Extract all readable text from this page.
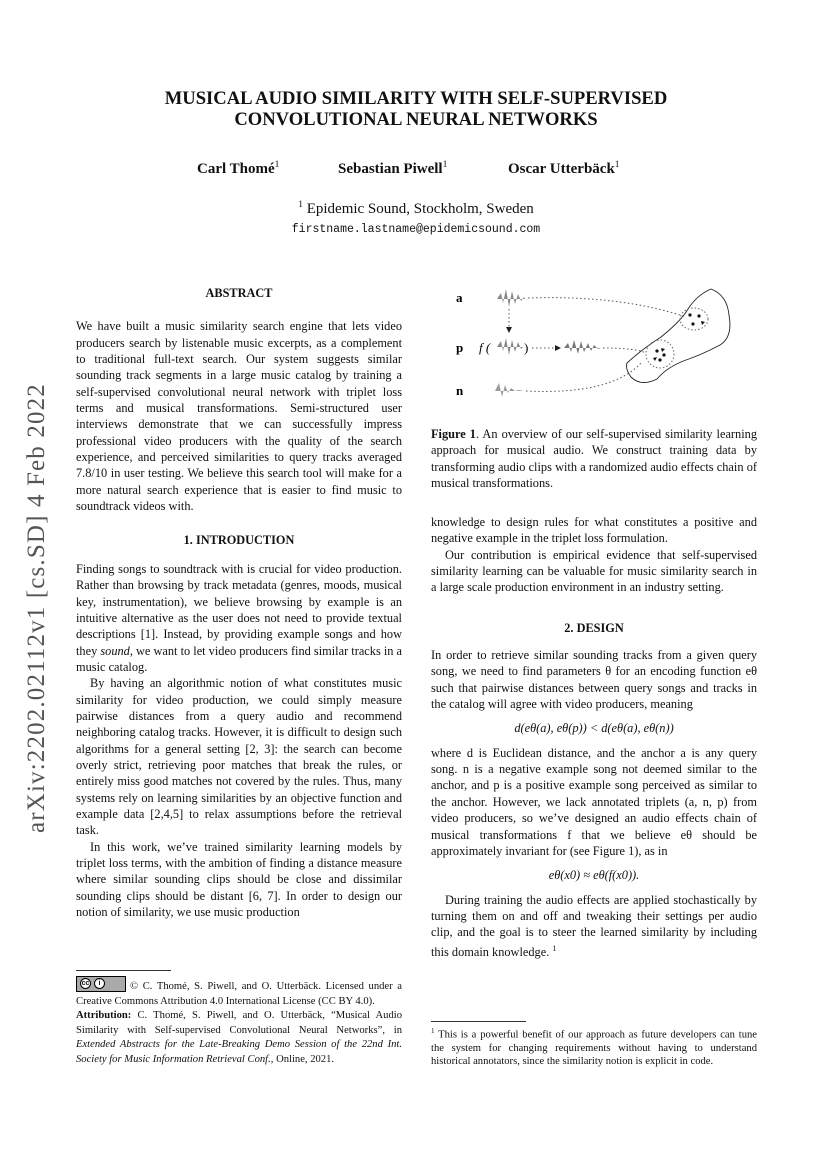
arXiv:2202.02112v1 [cs.SD] 4 Feb 2022
MUSICAL AUDIO SIMILARITY WITH SELF-SUPERVISED
CONVOLUTIONAL NEURAL NETWORKS
Carl Thomé$^1$	Sebastian Piwell$^1$	Oscar Utterbäck$^1$
$^1$ Epidemic Sound, Stockholm, Sweden
firstname.lastname@epidemicsound.com
ABSTRACT

We have built a music similarity search engine that lets video producers search by listenable music excerpts, as a complement to traditional full-text search. Our system suggests similar sounding track segments in a large music catalog by training a self-supervised convolutional neural network with triplet loss terms and musical transformations. Semi-structured user interviews demonstrate that we can successfully impress professional video producers with the quality of the search experience, and perceived similarities to query tracks averaged 7.8/10 in user testing. We believe this search tool will make for a more natural search experience that is easier to find music to soundtrack videos with.

1. INTRODUCTION

Finding songs to soundtrack with is crucial for video production. Rather than browsing by track metadata (genres, moods, musical key, instrumentation), we believe browsing by example is an intuitive alternative as the user does not need to provide textual descriptions [1]. Instead, by providing example songs and how they sound, we want to let video producers find similar tracks in a music catalog.

By having an algorithmic notion of what constitutes music similarity for video production, we could simply measure pairwise distances from a query audio and recommend neighboring catalog tracks. However, it is difficult to design such algorithms for a general setting [2, 3]: the search can become overly strict, retrieving poor matches that break the rules, or entirely miss good matches not covered by the rules. Thus, many systems rely on learning similarities by an objective function and example data [2,4,5] to relax assumptions before the retrieval task.

In this work, we’ve trained similarity learning models by triplet loss terms, with the ambition of finding a distance measure where similar sounding clips should be close and dissimilar sounding clips should be distant [6, 7]. In order to design our notion of similarity, we use music production

cc	i	© C. Thomé, S. Piwell, and O. Utterbäck. Licensed under a Creative Commons Attribution 4.0 International License (CC BY 4.0).
Attribution: C. Thomé, S. Piwell, and O. Utterbäck, “Musical Audio Similarity with Self-supervised Convolutional Neural Networks”, in Extended Abstracts for the Late-Breaking Demo Session of the 22nd Int. Society for Music Information Retrieval Conf., Online, 2021.
a
p
n
f (	)
Figure 1. An overview of our self-supervised similarity learning approach for musical audio. We construct training data by transforming audio clips with a randomized audio effects chain of musical transformations.

knowledge to design rules for what constitutes a positive and negative example in the triplet loss formulation.

Our contribution is empirical evidence that self-supervised similarity learning can be valuable for music similarity search in a large scale production environment in an industry setting.

2. DESIGN

In order to retrieve similar sounding tracks from a given query song, we need to find parameters θ for an encoding function eθ such that pairwise distances between query songs and tracks in the catalog will agree with video producers, meaning

d(eθ(a), eθ(p)) < d(eθ(a), eθ(n))

where d is Euclidean distance, and the anchor a is any query song. n is a negative example song not deemed similar to the anchor, and p is a positive example song perceived as similar to the anchor. However, we lack annotated triplets (a, n, p) from video producers, so we’ve designed an audio effects chain of musical transformations f that we believe eθ should be approximately invariant for (see Figure 1), as in

eθ(x0) ≈ eθ(f(x0)).

During training the audio effects are applied stochastically by turning them on and off and tweaking their settings per audio clip, and the goal is to steer the learned similarity by including this domain knowledge. $^1$

$^1$ This is a powerful benefit of our approach as future developers can tune the system for changing requirements without having to understand historical annotators, since the similarity notion is explicit in code.
